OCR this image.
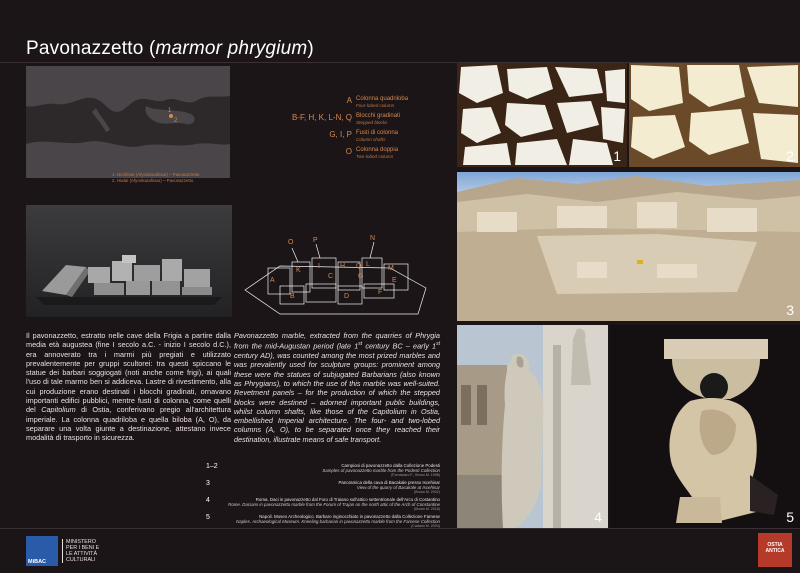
Pavonazzetto (marmor phrygium)
1
2
1. Iscehisar (Afyonkarahisar) – Pavonazzetto
2. Hüdai (Afyonkarahisar) – Pavonazzetto
A Colonna quadriloba
Four-lobed column
B-F, H, K, L-N, Q Blocchi gradinati
Stepped blocks
G, I, P Fusti di colonna
Column shafts
O Colonna doppia
Two-lobed column
O	P	N
K
H	L
I	Q	M
A
C	G
E
B	D
F
Il pavonazzetto, estratto nelle cave della Frigia a partire dalla media età augustea (fine I secolo a.C. - inizio I secolo d.C.), era annoverato tra i marmi più pregiati e utilizzato prevalentemente per gruppi scultorei: tra questi spiccano le statue dei barbari soggiogati (noti anche come frigi), ai quali l'uso di tale marmo ben si addiceva. Lastre di rivestimento, alla cui produzione erano destinati i blocchi gradinati, ornavano importanti edifici pubblici, mentre fusti di colonna, come quelli del Capitolium di Ostia, conferivano pregio all'architettura imperiale. La colonna quadriloba e quella biloba (A, O), da separare una volta giunte a destinazione, attestano invece modalità di trasporto in sicurezza.
Pavonazzetto marble, extracted from the quarries of Phrygia from the mid-Augustan period (late 1st century BC – early 1st century AD), was counted among the most prized marbles and was prevalently used for sculpture groups: prominent among these were the statues of subjugated Barbarians (also known as Phrygians), to which the use of this marble was well-suited. Revetment panels – for the production of which the stepped blocks were destined – adorned important public buildings, whilst column shafts, like those of the Capitolium in Ostia, embellished Imperial architecture. The four- and two-lobed columns (A, O), to be separated once they reached their destination, illustrate means of safe transport.
1–2	Campioni di pavonazzetto dalla Collezione Podesti
Samples of pavonazzetto marble from the Podesti Collection
(Fornaciaro F., Bruno M. 1998)
3	Panoramica della cava di Bacakale presso Iscehisar
View of the quarry of Bacakale at Iscehisar
(Bruno M. 2002)
4	Roma. Daci in pavonazzetto dal Foro di Traiano sull'attico settentrionale dell'Arco di Costantino
Rome. Dacians in pavonazzetto marble from the Forum of Trajan on the north attic of the Arch of Constantine
(Bruno M. 2018)
5	Napoli. Museo Archeologico. Barbaro inginocchiato in pavonazzetto dalla Collezione Farnese
Naples. Archaeological Museum. Kneeling barbarian in pavonazzetto marble from the Farnese Collection
(Cadario M. 2004)
1	2
3
4	5
MiBAC
MINISTERO
PER I BENI E
LE ATTIVITÀ
CULTURALI
OSTIA
ANTICA
